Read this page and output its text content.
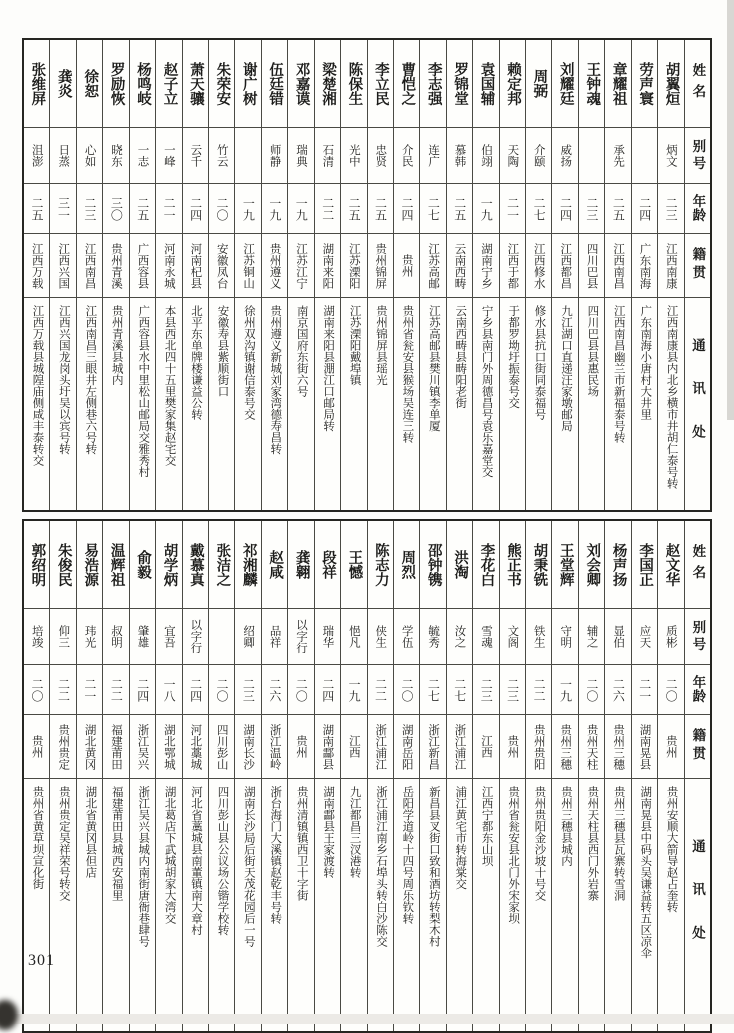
姓名
别号
年龄
籍贯
通讯处
胡翼烜
炳文
二三
江西南康
江西南康县内北乡横市井胡仁泰号转
劳声寰
二四
广东南海
广东南海小唐村大井里
章耀祖
承先
二五
江西南昌
江西南昌幽兰市新福泰号转
王钟魂
二三
四川巴县
四川巴县县惠民场
刘耀廷
威扬
二四
江西都昌
九江湖口直递汪家墩邮局
周弼
介颐
二七
江西修水
修水县抗口街同泰福号
赖定邦
天陶
二一
江西于都
于都罗坳圩振泰号交
袁国辅
伯翊
一九
湖南宁乡
宁乡县南门外周德昌号袁乐嘉堂交
罗锦堂
慕韩
二五
云南西畴
云南西畴县畴阳老街
李志强
连广
二七
江苏高邮
江苏高邮县樊川镇李单厦
曹恺之
介民
二四
贵州
贵州省瓮安县猴场吴连三转
李立民
忠贤
二五
贵州锦屏
贵州锦屏县瑶光
陈保生
光中
二五
江苏溧阳
江苏溧阳戴埠镇
梁楚湘
石清
二二
湖南来阳
湖南来阳县淜江口邮局转
邓嘉谟
瑞典
一九
江苏江宁
南京国府东街六号
伍廷错
师静
一九
贵州遵义
贵州遵义新城刘家湾德寿昌转
谢广树
一九
江苏铜山
徐州双沟镇谢信泰号交
朱荣安
竹云
二〇
安徽凤台
安徽寿县紫顺街口
萧天骧
云千
二四
河南杞县
北平东单牌楼谦益公转
赵子立
一峰
二一
河南永城
本县西北四十五里樊家集赵宅交
杨鸣岐
一志
二五
广西容县
广西容县水中里松山邮局交雅秀村
罗励恢
晓东
三〇
贵州青溪
贵州青溪县城内
徐恕
心如
二三
江西南昌
江西南昌三眼井左侧巷六号转
龚炎
日蒸
三一
江西兴国
江西兴国龙岗头圩吴以宾号转
张维屏
沮澎
二五
江西万载
江西万载县城隍庙侧咸丰泰转交
姓名
别号
年龄
籍贯
通讯处
赵文华
质彬
二〇
贵州
贵州安顺大箭导赵占奎转
李国正
应天
二一
湖南晃县
湖南晃县中码头吴谦益转五区凉伞
杨声扬
显伯
二六
贵州三穗
贵州三穗县瓦寨转雪洞
刘会卿
辅之
二〇
贵州天柱
贵州天柱县西门外岩寨
王堂辉
守明
一九
贵州三穗
贵州三穗县城内
胡秉铣
铁生
二二
贵州贵阳
贵州贵阳金沙坡十号交
熊正书
文阁
二三
贵州
贵州省瓮安县北门外宋家坝
李花白
雪魂
二三
江西
江西宁都东山坝
洪淘
汝之
二七
浙江浦江
浦江黄宅市转海棠交
邵钟镌
毓秀
二七
浙江新昌
新昌县叉街口致和酒坊转梨木村
周烈
学伍
二〇
湖南岳阳
岳阳学道岭十四号周乐钦转
陈志力
侠生
二二
浙江浦江
浙江浦江南乡石埠头转白沙陈交
王憾
悒凡
一九
江西
九江都昌三汊港转
段祥
瑞华
二四
湖南酃县
湖南酃县王家渡转
龚翱
以字行
二〇
贵州
贵州清镇镇西卫十字街
赵咸
品祥
二六
浙江温岭
浙台海门大溪镇赵乾丰号转
祁湘麟
绍卿
二三
湖南长沙
湖南长沙局后街天茂花园后一号
张洁之
二〇
四川彭山
四川彭山县公议场公锴学校转
戴慕真
以字行
二四
河北藁城
河北省藁城县南董镇南大章村
胡学炳
宜吾
一八
湖北鄂城
湖北葛店下武城胡家大湾交
俞毅
肇雄
二四
浙江吴兴
浙江吴兴县城内南街唐衙巷肆号
温辉祖
叔明
二二
福建莆田
福建莆田县城西安福里
易浩源
玮光
二一
湖北黄冈
湖北省黄冈县但店
朱俊民
仰三
二二
贵州贵定
贵州贵定吴祥荣号转交
郭绍明
培竣
二〇
贵州
贵州省黄草坝宣化街
301
